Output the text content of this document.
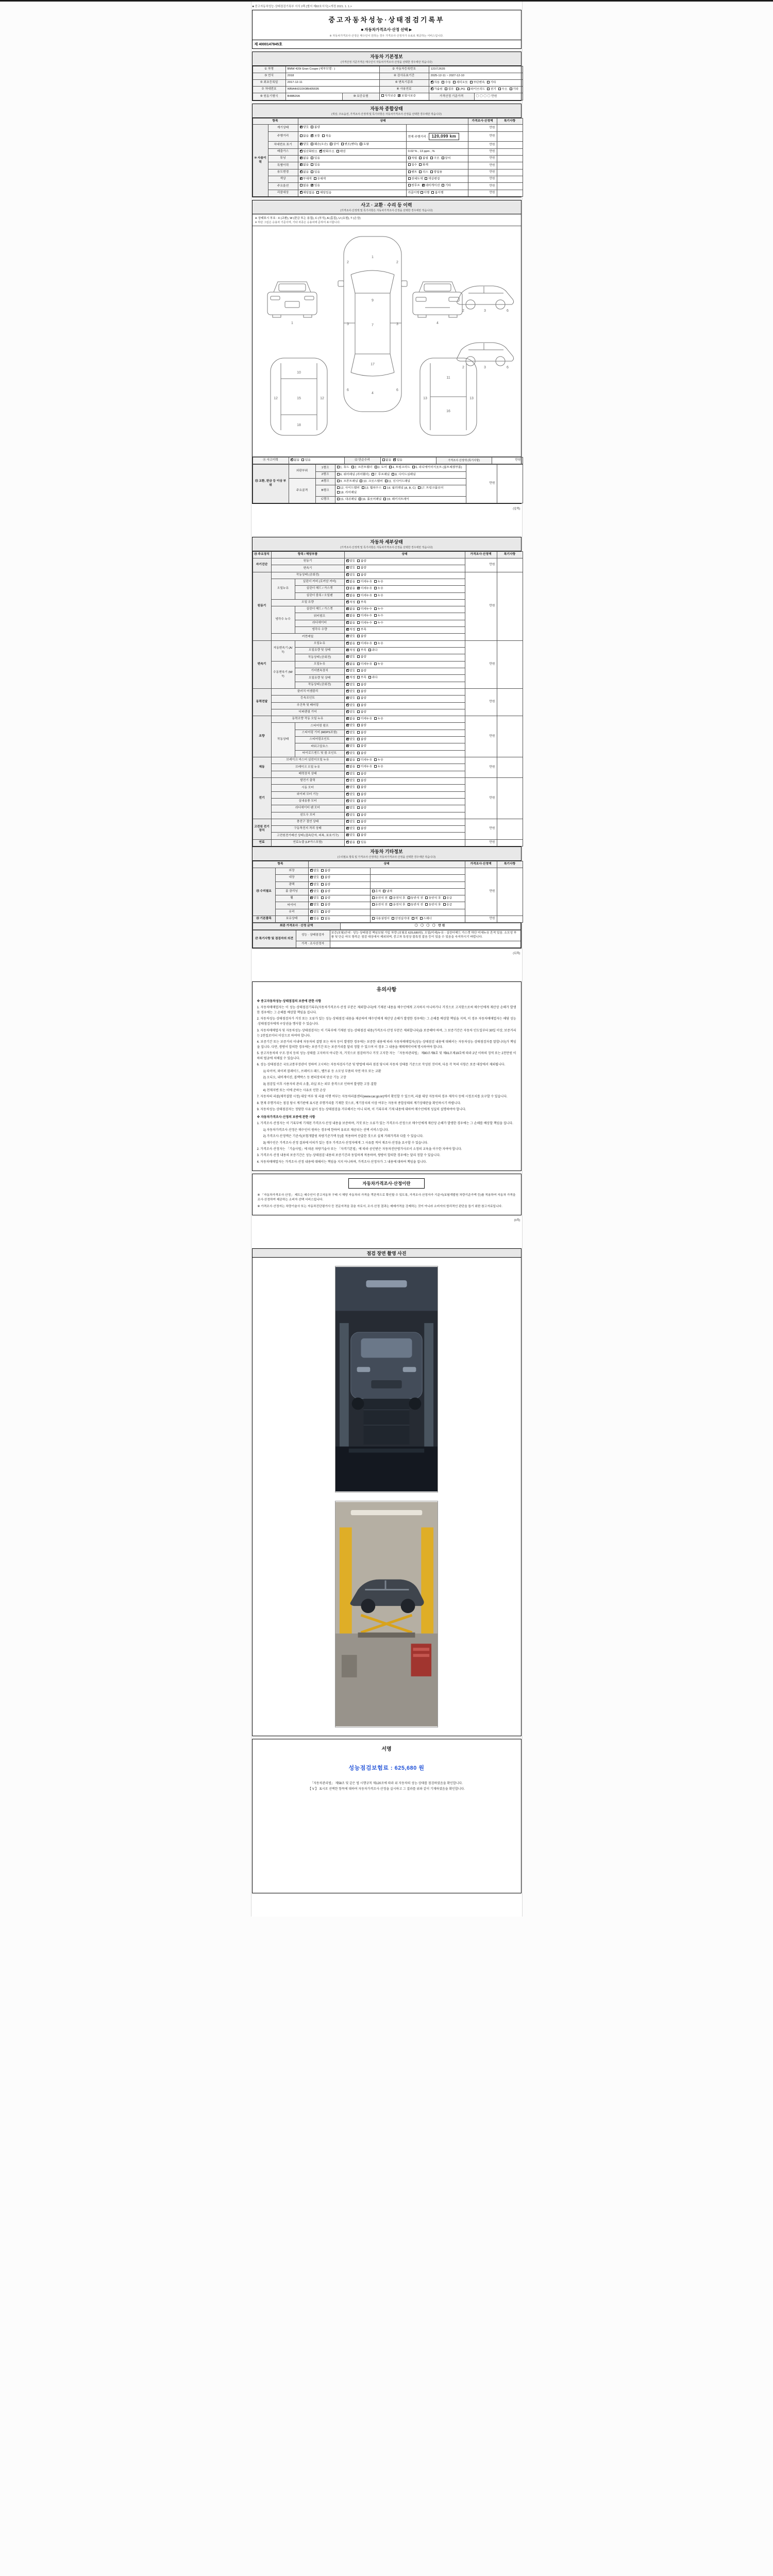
■ 중고자동차성능·상태점검기록부 서식 2쪽 [별지 제82호서식] <개정 2021. 1. 1.>
중고자동차성능·상태점검기록부
■ 자동차가격조사·산정 선택 ▶
※ 자동차가격조사·산정은 매수인이 원하는 경우 가격조사·산정자가 유료로 제공하는 서비스입니다.
제 4000147845호
자동차 기본정보
(가격산정 기준가격은 매수인이 자동차가격조사·산정을 선택한 경우에만 적습니다)
① 차명	BMW 420i Gran Coupe (세부모델 : )		② 자동차등록번호	123조2635	
③ 연식	2018		④ 검사유효기간	2025-12-11 ~ 2027-12-10	
⑤ 최초등록일	2017-12-11		⑥ 변속기종류	✔자동 수동 세미오토 무단변속 기타
⑦ 차대번호	WBA4H310X0BH05695		⑧ 사용연료	✔가솔린 경유 LPG 하이브리드 전기 수소 기타
⑨ 원동기형식	B48B20A	⑩ 보증유형	자가보증 ✔ 보험사보증	가격산정 기준가격	〇 〇 〇 〇 만원
자동차 종합상태
(색상, 주요옵션, 가격조사·산정액 및 특기사항은 자동차가격조사·산정을 선택한 경우에만 적습니다)
항목		상태		가격조사·산정액	특기사항
⑩ 사용이력	계기상태	✔양호 불량		만원	
	주행거리	많음 ✔ 보통 적음	현재 주행거리 : 120,099 km	만원	
	차대번호 표기	✔양호 훼손(오손) 상이 변조(변타) 도말		만원	
	배출가스	✔일산화탄소 ✔ 탄화수소 매연	0.02 % , 13 ppm , %	만원	
	튜닝	✔없음 있음	적법 불법 구조 장치	만원	
	특별이력	✔없음 있음	침수 화재	만원	
	용도변경	✔없음 있음	렌트 리스 영업용	만원	
	색상	✔무채색 유채색	전체도색 색상변경	만원	
	주요옵션	없음 ✔ 있음	썬루프 ✔ 네비게이션 기타	만원	
	리콜대상	✔해당없음 해당있음	리콜이행 이행 불이행	만원	
사고 · 교환 · 수리 등 이력
(가격조사·산정액 및 특기사항은 자동차가격조사·산정을 선택한 경우에만 적습니다)
※ 상태표시 부호 : X (교환), W (판금 또는 용접), C (부식), A (흠집), U (요철), T (손상)
※ 하단 그림은 승용차 기준이며, 기타 차종은 승용차에 준하여 표시합니다.
1
1
7
4
2	2
3	3
6	6
9
17
4
2	3	6
2	3	6
10
15
18
12	12
11
16
13	13
⑪ 사고이력	✔없음 있음	⑫ 단순수리	없음 ✔ 있음	가격조사·산정액 (특기사항)	만원
⑬ 교환, 판금 등 이상 부위	외판부위	1랭크	1. 후드 2. 프론트휀더 3. 도어 4. 트렁크리드 5. 라디에이터서포트 (볼트체결부품)	만원	
		2랭크	6. 쿼터패널 (리어휀더) 7. 루프패널 8. 사이드실패널		
	주요골격	A랭크	9. 프론트패널 10. 크로스멤버 11. 인사이드패널		
		B랭크	12. 사이드멤버 13. 휠하우스 14. 필러패널 (A, B, C) 17. 트렁크플로어18. 리어패널		
		C랭크	15. 대쉬패널 16. 플로어패널 19. 패키지트레이		
(앞쪽)
자동차 세부상태
(가격조사·산정액 및 특기사항은 자동차가격조사·산정을 선택한 경우에만 적습니다)
⑭ 주요장치	항목 / 해당부품		상태	가격조사·산정액	특기사항
자기진단	원동기	✔양호 불량	만원	
	변속기	✔양호 불량
원동기	작동상태 (공회전)	✔양호 불량	만원	
	오일누유	실린더 커버 (로커암 커버)	✔없음 미세누유 누유
		실린더 헤드 / 가스켓	없음 ✔ 미세누유 누유
		실린더 블록 / 오일팬	✔없음 미세누유 누유
	오일 유량	✔적정 부족
	냉각수 누수	실린더 헤드 / 가스켓	✔없음 미세누수 누수
		워터펌프	✔없음 미세누수 누수
		라디에이터	✔없음 미세누수 누수
		냉각수 수량	✔적정 부족
	커먼레일	✔양호 불량
변속기	자동변속기 (A/T)	오일누유	✔없음 미세누유 누유	만원	
		오일유량 및 상태	✔적정 부족 과다
		작동상태 (공회전)	✔양호 불량
	수동변속기 (M/T)	오일누유	✔없음 미세누유 누유
		기어변속장치	✔양호 불량
		오일유량 및 상태	✔적정 부족 과다
		작동상태 (공회전)	✔양호 불량
동력전달	클러치 어셈블리	✔양호 불량	만원	
	등속조인트	✔양호 불량
	추진축 및 베어링	✔양호 불량
	디퍼렌셜 기어	✔양호 불량
조향	동력조향 작동 오일 누유	✔없음 미세누유 누유	만원	
	작동상태	스티어링 펌프	✔양호 불량
		스티어링 기어 (MDPS포함)	✔양호 불량
		스티어링조인트	✔양호 불량
		파워고압호스	✔양호 불량
		타이로드엔드 및 볼 조인트	✔양호 불량
제동	브레이크 마스터 실린더오일 누유	✔없음 미세누유 누유	만원	
	브레이크 오일 누유	✔없음 미세누유 누유
	배력장치 상태	✔양호 불량
전기	발전기 출력	✔양호 불량	만원	
	시동 모터	✔양호 불량
	와이퍼 모터 기능	✔양호 불량
	실내송풍 모터	✔양호 불량
	라디에이터 팬 모터	✔양호 불량
	윈도우 모터	✔양호 불량
고전원 전기장치	충전구 절연 상태	✔양호 불량	만원	
	구동축전지 격리 상태	✔양호 불량
	고전원전기배선 상태 (접속단자, 피복, 보호기구)	✔양호 불량
연료	연료누출 (LP가스포함)	✔없음 있음	만원	
자동차 기타정보
(수리필요 항목 및 가격조사·산정액은 자동차가격조사·산정을 선택한 경우에만 적습니다)
항목		상태		가격조사·산정액	특기사항
⑮ 수리필요	외장	✔양호 불량		만원	
	내장	✔양호 불량	
	광택	✔양호 불량	
	룸 클리닝	✔양호 불량	흔적 냄새		
	휠	✔양호 불량	운전석 전 운전석 후 동반석 전 동반석 후 응급		
	타이어	✔양호 불량	운전석 전 운전석 후 동반석 전 동반석 후 응급		
	유리	✔양호 불량	
⑯ 기본품목	보유상태	✔있음 없음	사용설명서 안전삼각대 잭 스패너	만원	
최종 가격조사 · 산정 금액	〇 〇 〇 〇 만원
⑰ 특기사항 및 점검자의 의견	성능 · 상태점검자	보증(보험)안내 : 성능·상태점검 책임보험 가입 차량 (보험료 625,680원). 오일(미세)누유 - 실린더헤드 가스켓 하단 미세누유 흔적 있음. 소모성 부품 및 단순 마모 항목은 점검 대상에서 제외되며, 중고차 특성상 불특정 잡음 등이 있을 수 있음을 숙지하시기 바랍니다.
	가격 · 조사산정자	
(뒤쪽)
유의사항
※ 중고자동차성능·상태점검의 보증에 관한 사항
1. 자동차매매업자는 이 성능·상태점검기록부(자동차가격조사·산정 부분은 제외합니다)에 기재된 내용을 매수인에게 고지하지 아니하거나 거짓으로 고지함으로써 매수인에게 재산상 손해가 발생한 경우에는 그 손해를 배상할 책임을 집니다.
2. 자동차성능·상태점검자가 거짓 또는 오류가 있는 성능·상태점검 내용을 제공하여 매수인에게 재산상 손해가 발생한 경우에는 그 손해를 배상할 책임을 지며, 이 경우 자동차매매업자는 해당 성능·상태점검자에게 구상권을 행사할 수 있습니다.
3. 자동차매매업자 및 자동차성능·상태점검자는 이 기록부에 기재된 성능·상태점검 내용(가격조사·산정 부분은 제외합니다)을 보증해야 하며, 그 보증기간은 자동차 인도일부터 30일 이상, 보증거리는 2천킬로미터 이상으로 하여야 합니다.
4. 보증기간 또는 보증거리 이내에 자동차의 결함 또는 하자 등이 발생한 경우에는 보증한 내용에 따라 자동차매매업자(성능·상태점검 내용에 대해서는 자동차성능·상태점검자를 말합니다)가 책임을 집니다. 다만, 쌍방이 합의한 경우에는 보증기간 또는 보증거리를 달리 정할 수 있으며 이 경우 그 내용을 매매계약서에 명시하여야 합니다.
5. 중고자동차의 구조·장치 등의 성능·상태를 고지하지 아니한 자, 거짓으로 점검하거나 거짓 고지한 자는 「자동차관리법」 제80조제6호 및 제81조제19호에 따라 2년 이하의 징역 또는 2천만원 이하의 벌금에 처해질 수 있습니다.
6. 성능·상태점검은 국토교통부장관이 정하여 고시하는 자동차검사기준 및 방법에 따라 점검 당시의 자동차 상태를 기준으로 작성된 것이며, 다음 각 목의 사항은 보증 대상에서 제외됩니다.
1) 타이어, 와이퍼 블레이드, 브레이크 패드, 벨트류 등 소모성 부품의 자연 마모 또는 교환
2) 오디오, 내비게이션, 블랙박스 등 편의장치의 단순 기능 고장
3) 점검일 이후 사용자의 관리 소홀, 과실 또는 외부 충격으로 인하여 발생한 고장·결함
4) 천재지변 또는 이에 준하는 사유로 인한 손상
7. 자동차의 리콜(제작결함 시정) 대상 여부 및 리콜 이행 여부는 자동차리콜센터(www.car.go.kr)에서 확인할 수 있으며, 리콜 대상 자동차의 경우 제작사 등에 시정조치를 요구할 수 있습니다.
8. 현재 주행거리는 점검 당시 계기판에 표시된 주행거리를 기재한 것으로, 계기장치의 이상 여부는 자동차 종합상태의 계기상태란을 확인하시기 바랍니다.
9. 자동차성능·상태점검자는 정당한 사유 없이 성능·상태점검을 거부해서는 아니 되며, 이 기록부의 기재 내용에 대하여 매수인에게 성실히 설명하여야 합니다.
※ 자동차가격조사·산정의 보증에 관한 사항
1. 가격조사·산정자는 이 기록부에 기재된 가격조사·산정 내용을 보증하며, 거짓 또는 오류가 있는 가격조사·산정으로 매수인에게 재산상 손해가 발생한 경우에는 그 손해를 배상할 책임을 집니다.
1) 자동차가격조사·산정은 매수인이 원하는 경우에 한하여 유료로 제공되는 선택 서비스입니다.
2) 가격조사·산정액은 기준서(보험개발원 차량기준가액 등)를 적용하여 산출한 것으로 실제 거래가격과 다를 수 있습니다.
3) 매수인은 가격조사·산정 결과에 이의가 있는 경우 가격조사·산정자에게 그 사유를 적어 재조사·산정을 요구할 수 있습니다.
2. 가격조사·산정자는 「기술사법」에 따른 차량기술사 또는 「자격기본법」에 따라 공인받은 자동차진단평가사로서 소정의 교육을 이수한 자여야 합니다.
3. 가격조사·산정 내용의 보증기간은 성능·상태점검 내용의 보증기간과 동일하게 적용하며, 쌍방이 합의한 경우에는 달리 정할 수 있습니다.
4. 자동차매매업자는 가격조사·산정 내용에 대해서는 책임을 지지 아니하며, 가격조사·산정자가 그 내용에 대하여 책임을 집니다.
자동차가격조사·산정이란
※ 「자동차가격조사·산정」 제도는 매수인이 중고자동차 구매 시 해당 자동차의 가격을 객관적으로 확인할 수 있도록, 가격조사·산정자가 기준서(보험개발원 차량기준가액 등)를 적용하여 자동차 가격을 조사·산정하여 제공하는 소비자 선택 서비스입니다.
※ 가격조사·산정자는 차량기술사 또는 자동차진단평가사 등 전문자격을 갖춘 자로서, 조사·산정 결과는 매매가격을 강제하는 것이 아니라 소비자의 합리적인 판단을 돕기 위한 참고자료입니다.
(3쪽)
점검 장면 촬영 사진
서명
성능점검보험료 : 625,680 원
「자동차관리법」 제58조 및 같은 법 시행규칙 제120조에 따라 위 자동차의 성능·상태를 점검하였음을 확인합니다.
【 V 】 표시로 선택한 항목에 대하여 자동차가격조사·산정을 실시하고 그 결과를 위와 같이 기재하였음을 확인합니다.
